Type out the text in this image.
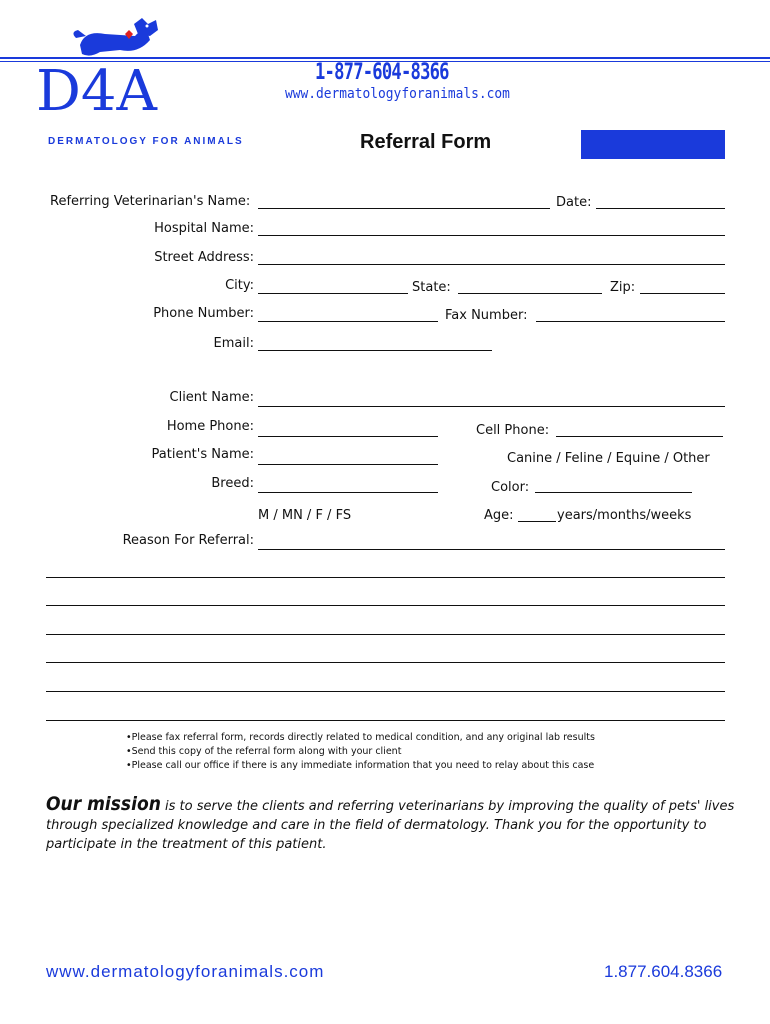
D4A
DERMATOLOGY FOR ANIMALS
1-877-604-8366
www.dermatologyforanimals.com
Referral Form
Referring Veterinarian's Name:	Date:
Hospital Name:
Street Address:
City:	State:	Zip:
Phone Number:	Fax Number:
Email:
Client Name:
Home Phone:	Cell Phone:
Patient's Name:	Canine / Feline / Equine / Other
Breed:	Color:
M / MN / F / FS	Age:	years/months/weeks
Reason For Referral:
•Please fax referral form, records directly related to medical condition, and any original lab results
•Send this copy of the referral form along with your client
•Please call our office if there is any immediate information that you need to relay about this case
Our mission is to serve the clients and referring veterinarians by improving the quality of pets' lives through specialized knowledge and care in the field of dermatology. Thank you for the opportunity to participate in the treatment of this patient.
www.dermatologyforanimals.com	1.877.604.8366
